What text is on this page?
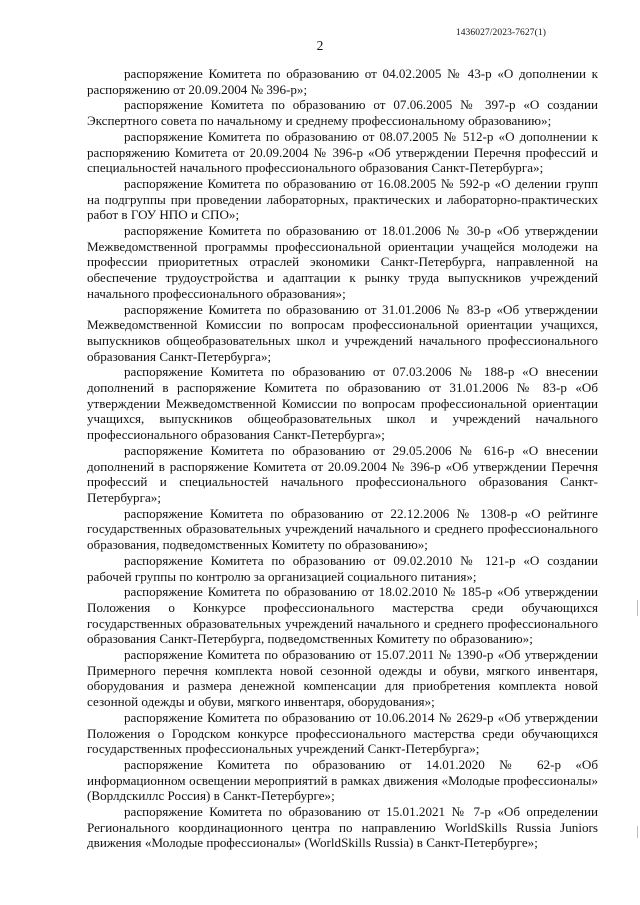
1436027/2023-7627(1)
2

распоряжение Комитета по образованию от 04.02.2005 № 43-р «О дополнении к распоряжению от 20.09.2004 № 396-р»;

распоряжение Комитета по образованию от 07.06.2005 № 397-р «О создании Экспертного совета по начальному и среднему профессиональному образованию»;

распоряжение Комитета по образованию от 08.07.2005 № 512-р «О дополнении к распоряжению Комитета от 20.09.2004 № 396-р «Об утверждении Перечня профессий и специальностей начального профессионального образования Санкт-Петербурга»;

распоряжение Комитета по образованию от 16.08.2005 № 592-р «О делении групп на подгруппы при проведении лабораторных, практических и лабораторно-практических работ в ГОУ НПО и СПО»;

распоряжение Комитета по образованию от 18.01.2006 № 30-р «Об утверждении Межведомственной программы профессиональной ориентации учащейся молодежи на профессии приоритетных отраслей экономики Санкт-Петербурга, направленной на обеспечение трудоустройства и адаптации к рынку труда выпускников учреждений начального профессионального образования»;

распоряжение Комитета по образованию от 31.01.2006 № 83-р «Об утверждении Межведомственной Комиссии по вопросам профессиональной ориентации учащихся, выпускников общеобразовательных школ и учреждений начального профессионального образования Санкт-Петербурга»;

распоряжение Комитета по образованию от 07.03.2006 № 188-р «О внесении дополнений в распоряжение Комитета по образованию от 31.01.2006 № 83-р «Об утверждении Межведомственной Комиссии по вопросам профессиональной ориентации учащихся, выпускников общеобразовательных школ и учреждений начального профессионального образования Санкт-Петербурга»;

распоряжение Комитета по образованию от 29.05.2006 № 616-р «О внесении дополнений в распоряжение Комитета от 20.09.2004 № 396-р «Об утверждении Перечня профессий и специальностей начального профессионального образования Санкт-Петербурга»;

распоряжение Комитета по образованию от 22.12.2006 № 1308-р «О рейтинге государственных образовательных учреждений начального и среднего профессионального образования, подведомственных Комитету по образованию»;

распоряжение Комитета по образованию от 09.02.2010 № 121-р «О создании рабочей группы по контролю за организацией социального питания»;

распоряжение Комитета по образованию от 18.02.2010 № 185-р «Об утверждении Положения о Конкурсе профессионального мастерства среди обучающихся государственных образовательных учреждений начального и среднего профессионального образования Санкт-Петербурга, подведомственных Комитету по образованию»;

распоряжение Комитета по образованию от 15.07.2011 № 1390-р «Об утверждении Примерного перечня комплекта новой сезонной одежды и обуви, мягкого инвентаря, оборудования и размера денежной компенсации для приобретения комплекта новой сезонной одежды и обуви, мягкого инвентаря, оборудования»;

распоряжение Комитета по образованию от 10.06.2014 № 2629-р «Об утверждении Положения о Городском конкурсе профессионального мастерства среди обучающихся государственных профессиональных учреждений Санкт-Петербурга»;

распоряжение Комитета по образованию от 14.01.2020 № 62-р «Об информационном освещении мероприятий в рамках движения «Молодые профессионалы» (Ворлдскиллс Россия) в Санкт-Петербурге»;

распоряжение Комитета по образованию от 15.01.2021 № 7-р «Об определении Регионального координационного центра по направлению WorldSkills Russia Juniors движения «Молодые профессионалы» (WorldSkills Russia) в Санкт-Петербурге»;
